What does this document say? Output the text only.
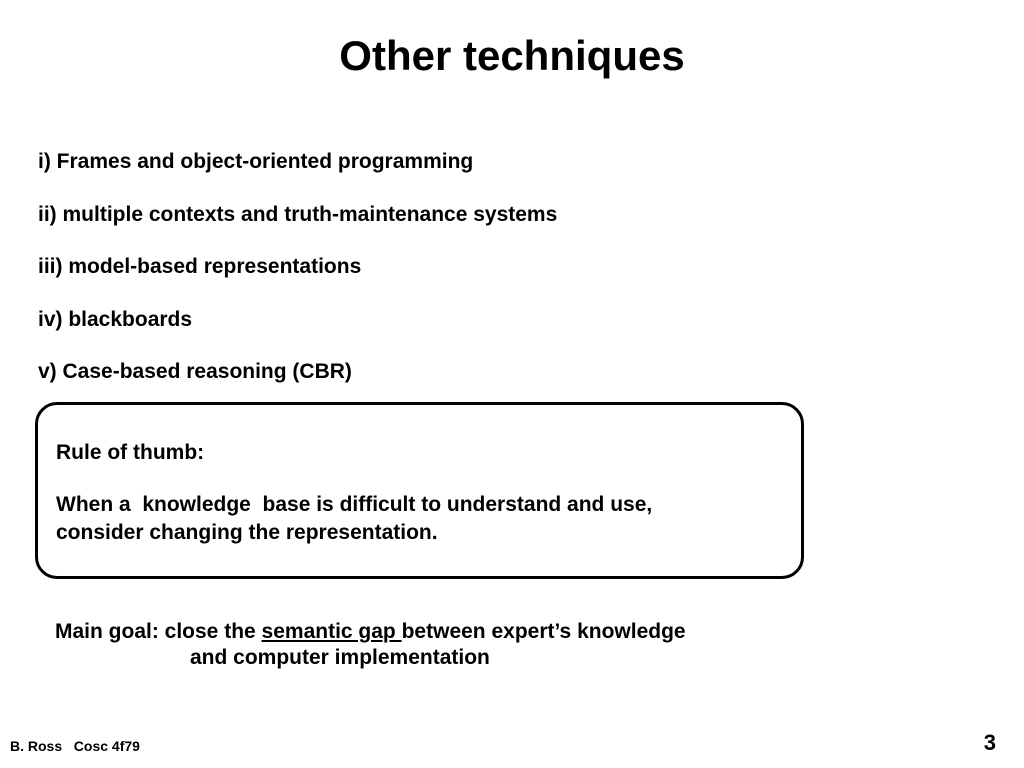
Other techniques
i) Frames and object-oriented programming
ii) multiple contexts and truth-maintenance systems
iii) model-based representations
iv) blackboards
v) Case-based reasoning (CBR)
Rule of thumb:
When a  knowledge  base is difficult to understand and use,
consider changing the representation.
Main goal: close the semantic gap between expert’s knowledge
and computer implementation
B. Ross   Cosc 4f79	3
